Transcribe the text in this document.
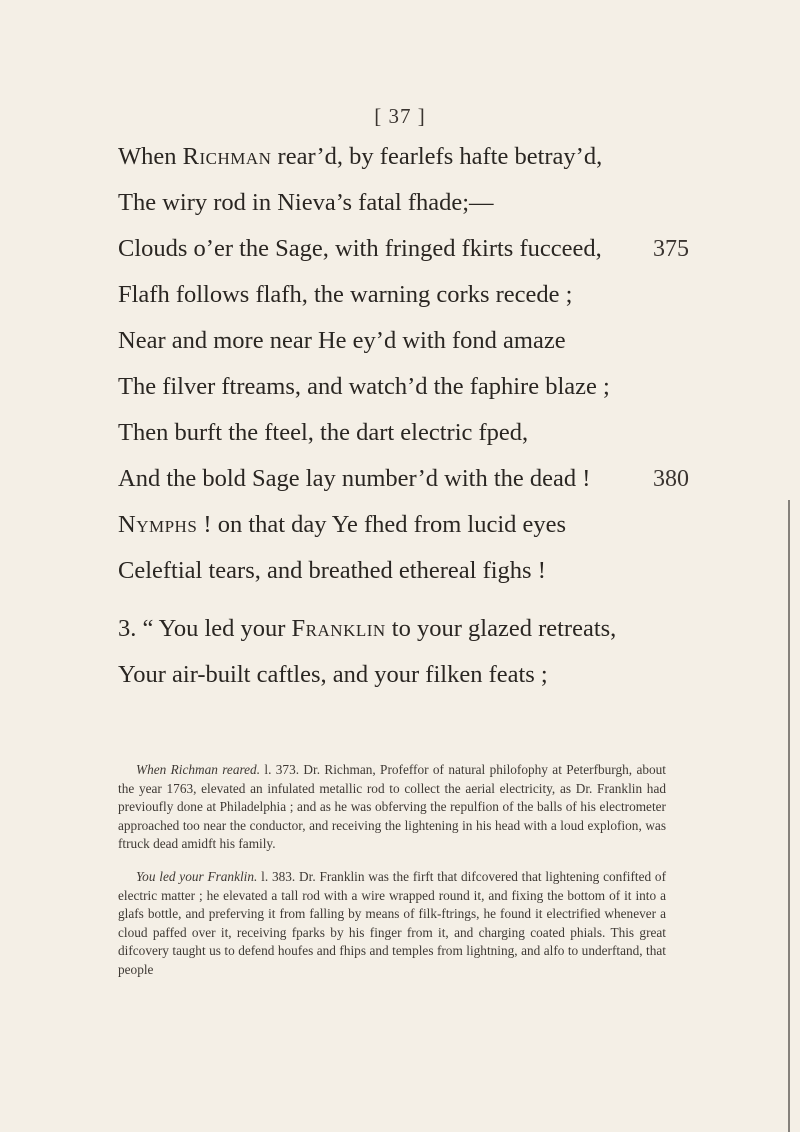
[ 37 ]
When Richman rear’d, by fearlefs hafte betray’d,
The wiry rod in Nieva’s fatal fhade;—
Clouds o’er the Sage, with fringed fkirts fucceed, 375
Flafh follows flafh, the warning corks recede ;
Near and more near He ey’d with fond amaze
The filver ftreams, and watch’d the faphire blaze ;
Then burft the fteel, the dart electric fped,
And the bold Sage lay number’d with the dead !	380
Nymphs ! on that day Ye fhed from lucid eyes
Celeftial tears, and breathed ethereal fighs !
3. “ You led your Franklin to your glazed retreats,
Your air-built caftles, and your filken feats ;

When Richman reared. l. 373. Dr. Richman, Profeffor of natural philofophy at Peterfburgh, about the year 1763, elevated an infulated metallic rod to collect the aerial electricity, as Dr. Franklin had previoufly done at Philadelphia ; and as he was obferving the repulfion of the balls of his electrometer approached too near the conductor, and receiving the lightening in his head with a loud explofion, was ftruck dead amidft his family.

You led your Franklin. l. 383. Dr. Franklin was the firft that difcovered that lightening confifted of electric matter ; he elevated a tall rod with a wire wrapped round it, and fixing the bottom of it into a glafs bottle, and preferving it from falling by means of filk-ftrings, he found it electrified whenever a cloud paffed over it, receiving fparks by his finger from it, and charging coated phials. This great difcovery taught us to defend houfes and fhips and temples from lightning, and alfo to underftand, that people
